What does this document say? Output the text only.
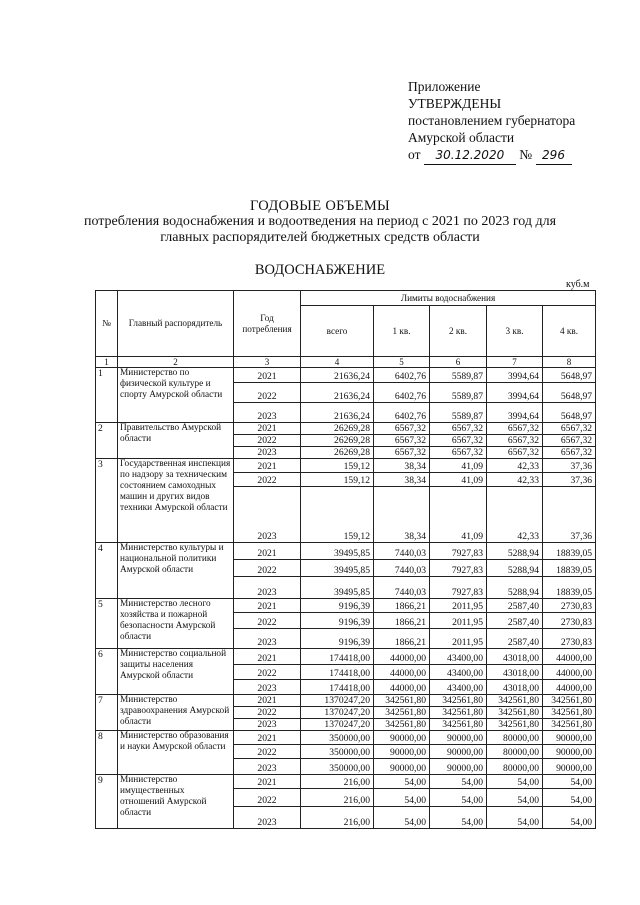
Приложение
УТВЕРЖДЕНЫ
постановлением губернатора
Амурской области
от 30.12.2020 № 296
ГОДОВЫЕ ОБЪЕМЫ
потребления водоснабжения и водоотведения на период с 2021 по 2023 год для главных распорядителей бюджетных средств области
ВОДОСНАБЖЕНИЕ
куб.м
№	Главный распорядитель	Год потребления	Лимиты водоснабжения				
			всего	1 кв.	2 кв.	3 кв.	4 кв.
1	2	3	4	5	6	7	8
1	Министерство по физической культуре и спорту Амурской области	2021	21636,24	6402,76	5589,87	3994,64	5648,97
		2022	21636,24	6402,76	5589,87	3994,64	5648,97
		2023	21636,24	6402,76	5589,87	3994,64	5648,97
2	Правительство Амурской области	2021	26269,28	6567,32	6567,32	6567,32	6567,32
		2022	26269,28	6567,32	6567,32	6567,32	6567,32
		2023	26269,28	6567,32	6567,32	6567,32	6567,32
3	Государственная инспекция по надзору за техническим состоянием самоходных машин и других видов техники Амурской области	2021	159,12	38,34	41,09	42,33	37,36
		2022	159,12	38,34	41,09	42,33	37,36
		2023	159,12	38,34	41,09	42,33	37,36
4	Министерство культуры и национальной политики Амурской области	2021	39495,85	7440,03	7927,83	5288,94	18839,05
		2022	39495,85	7440,03	7927,83	5288,94	18839,05
		2023	39495,85	7440,03	7927,83	5288,94	18839,05
5	Министерство лесного хозяйства и пожарной безопасности Амурской области	2021	9196,39	1866,21	2011,95	2587,40	2730,83
		2022	9196,39	1866,21	2011,95	2587,40	2730,83
		2023	9196,39	1866,21	2011,95	2587,40	2730,83
6	Министерство социальной защиты населения Амурской области	2021	174418,00	44000,00	43400,00	43018,00	44000,00
		2022	174418,00	44000,00	43400,00	43018,00	44000,00
		2023	174418,00	44000,00	43400,00	43018,00	44000,00
7	Министерство здравоохранения Амурской области	2021	1370247,20	342561,80	342561,80	342561,80	342561,80
		2022	1370247,20	342561,80	342561,80	342561,80	342561,80
		2023	1370247,20	342561,80	342561,80	342561,80	342561,80
8	Министерство образования и науки Амурской области	2021	350000,00	90000,00	90000,00	80000,00	90000,00
		2022	350000,00	90000,00	90000,00	80000,00	90000,00
		2023	350000,00	90000,00	90000,00	80000,00	90000,00
9	Министерство имущественных отношений Амурской области	2021	216,00	54,00	54,00	54,00	54,00
		2022	216,00	54,00	54,00	54,00	54,00
		2023	216,00	54,00	54,00	54,00	54,00
